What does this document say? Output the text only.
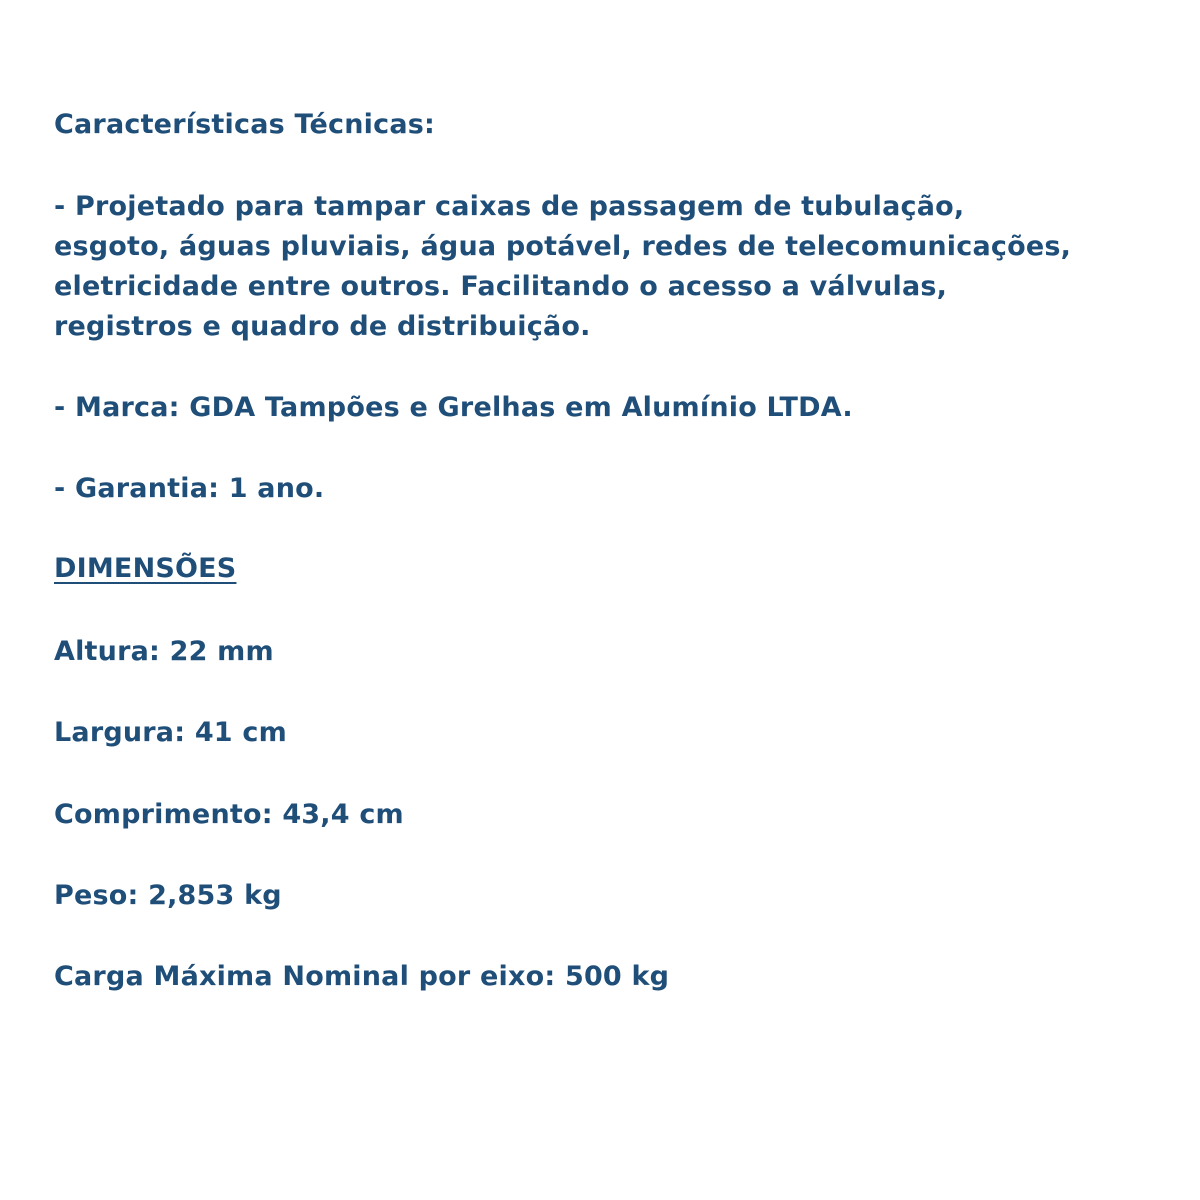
Características Técnicas:
- Projetado para tampar caixas de passagem de tubulação,
esgoto, águas pluviais, água potável, redes de telecomunicações,
eletricidade entre outros. Facilitando o acesso a válvulas,
registros e quadro de distribuição.
- Marca: GDA Tampões e Grelhas em Alumínio LTDA.
- Garantia: 1 ano.
DIMENSÕES
Altura: 22 mm
Largura: 41 cm
Comprimento: 43,4 cm
Peso: 2,853 kg
Carga Máxima Nominal por eixo: 500 kg
